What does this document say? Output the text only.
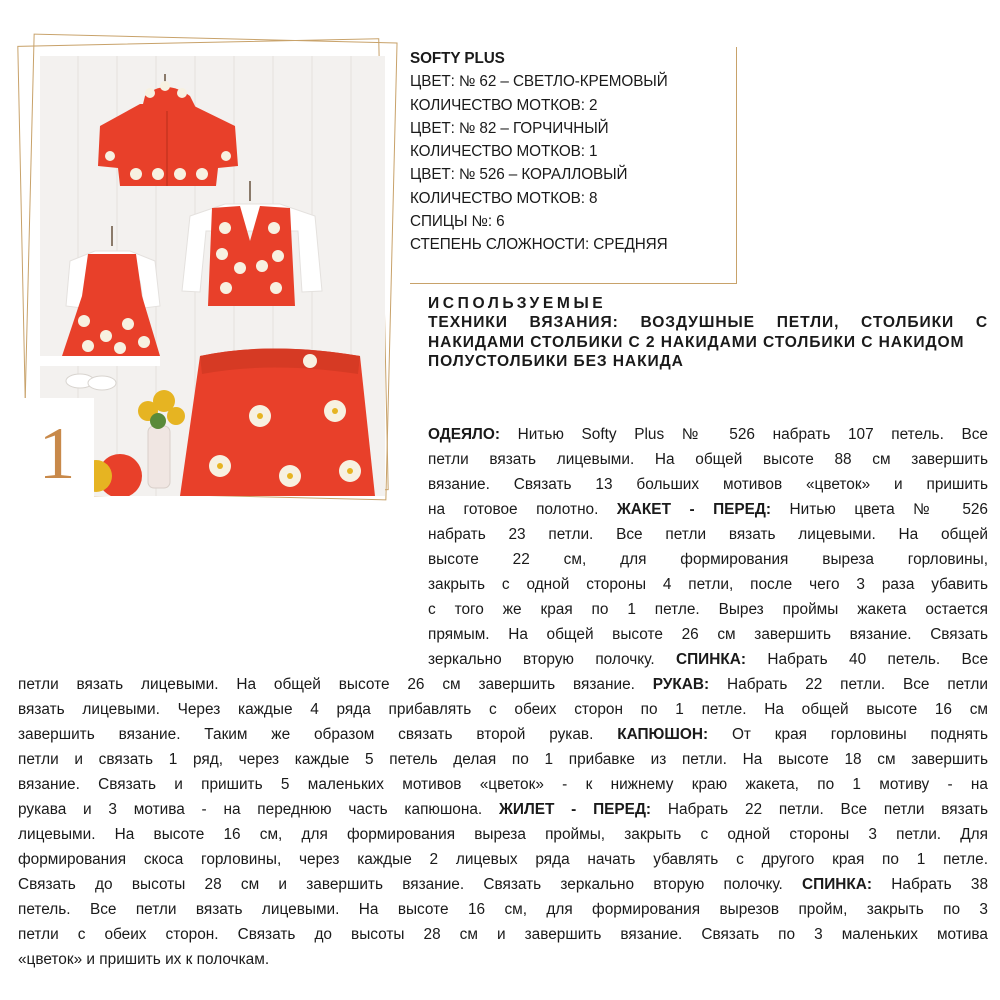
1
SOFTY PLUS
ЦВЕТ: № 62 – СВЕТЛО-КРЕМОВЫЙ
КОЛИЧЕСТВО МОТКОВ: 2
ЦВЕТ: № 82 – ГОРЧИЧНЫЙ
КОЛИЧЕСТВО МОТКОВ: 1
ЦВЕТ: № 526 – КОРАЛЛОВЫЙ
КОЛИЧЕСТВО МОТКОВ: 8
СПИЦЫ №: 6
СТЕПЕНЬ СЛОЖНОСТИ: СРЕДНЯЯ
ИСПОЛЬЗУЕМЫЕ
ТЕХНИКИ ВЯЗАНИЯ: ВОЗДУШНЫЕ ПЕТЛИ, СТОЛБИКИ С НАКИДАМИ СТОЛБИКИ С 2 НАКИДАМИ СТОЛБИКИ С НАКИДОМ
ПОЛУСТОЛБИКИ БЕЗ НАКИДА
ОДЕЯЛО: Нитью Softy Plus № 526 набрать 107 петель. Все
петли вязать лицевыми. На общей высоте 88 см завершить
вязание. Связать 13 больших мотивов «цветок» и пришить
на готовое полотно. ЖАКЕТ - ПЕРЕД: Нитью цвета № 526
набрать 23 петли. Все петли вязать лицевыми. На общей
высоте 22 см, для формирования выреза горловины,
закрыть с одной стороны 4 петли, после чего 3 раза убавить
с того же края по 1 петле. Вырез проймы жакета остается
прямым. На общей высоте 26 см завершить вязание. Связать
зеркально вторую полочку. СПИНКА: Набрать 40 петель. Все
петли вязать лицевыми. На общей высоте 26 см завершить вязание. РУКАВ: Набрать 22 петли. Все петли
вязать лицевыми. Через каждые 4 ряда прибавлять с обеих сторон по 1 петле. На общей высоте 16 см
завершить вязание. Таким же образом связать второй рукав. КАПЮШОН: От края горловины поднять
петли и связать 1 ряд, через каждые 5 петель делая по 1 прибавке из петли. На высоте 18 см завершить
вязание. Связать и пришить 5 маленьких мотивов «цветок» - к нижнему краю жакета, по 1 мотиву - на
рукава и 3 мотива - на переднюю часть капюшона. ЖИЛЕТ - ПЕРЕД: Набрать 22 петли. Все петли вязать
лицевыми. На высоте 16 см, для формирования выреза проймы, закрыть с одной стороны 3 петли. Для
формирования скоса горловины, через каждые 2 лицевых ряда начать убавлять с другого края по 1 петле.
Связать до высоты 28 см и завершить вязание. Связать зеркально вторую полочку. СПИНКА: Набрать 38
петель. Все петли вязать лицевыми. На высоте 16 см, для формирования вырезов пройм, закрыть по 3
петли с обеих сторон. Связать до высоты 28 см и завершить вязание. Связать по 3 маленьких мотива
«цветок» и пришить их к полочкам.
